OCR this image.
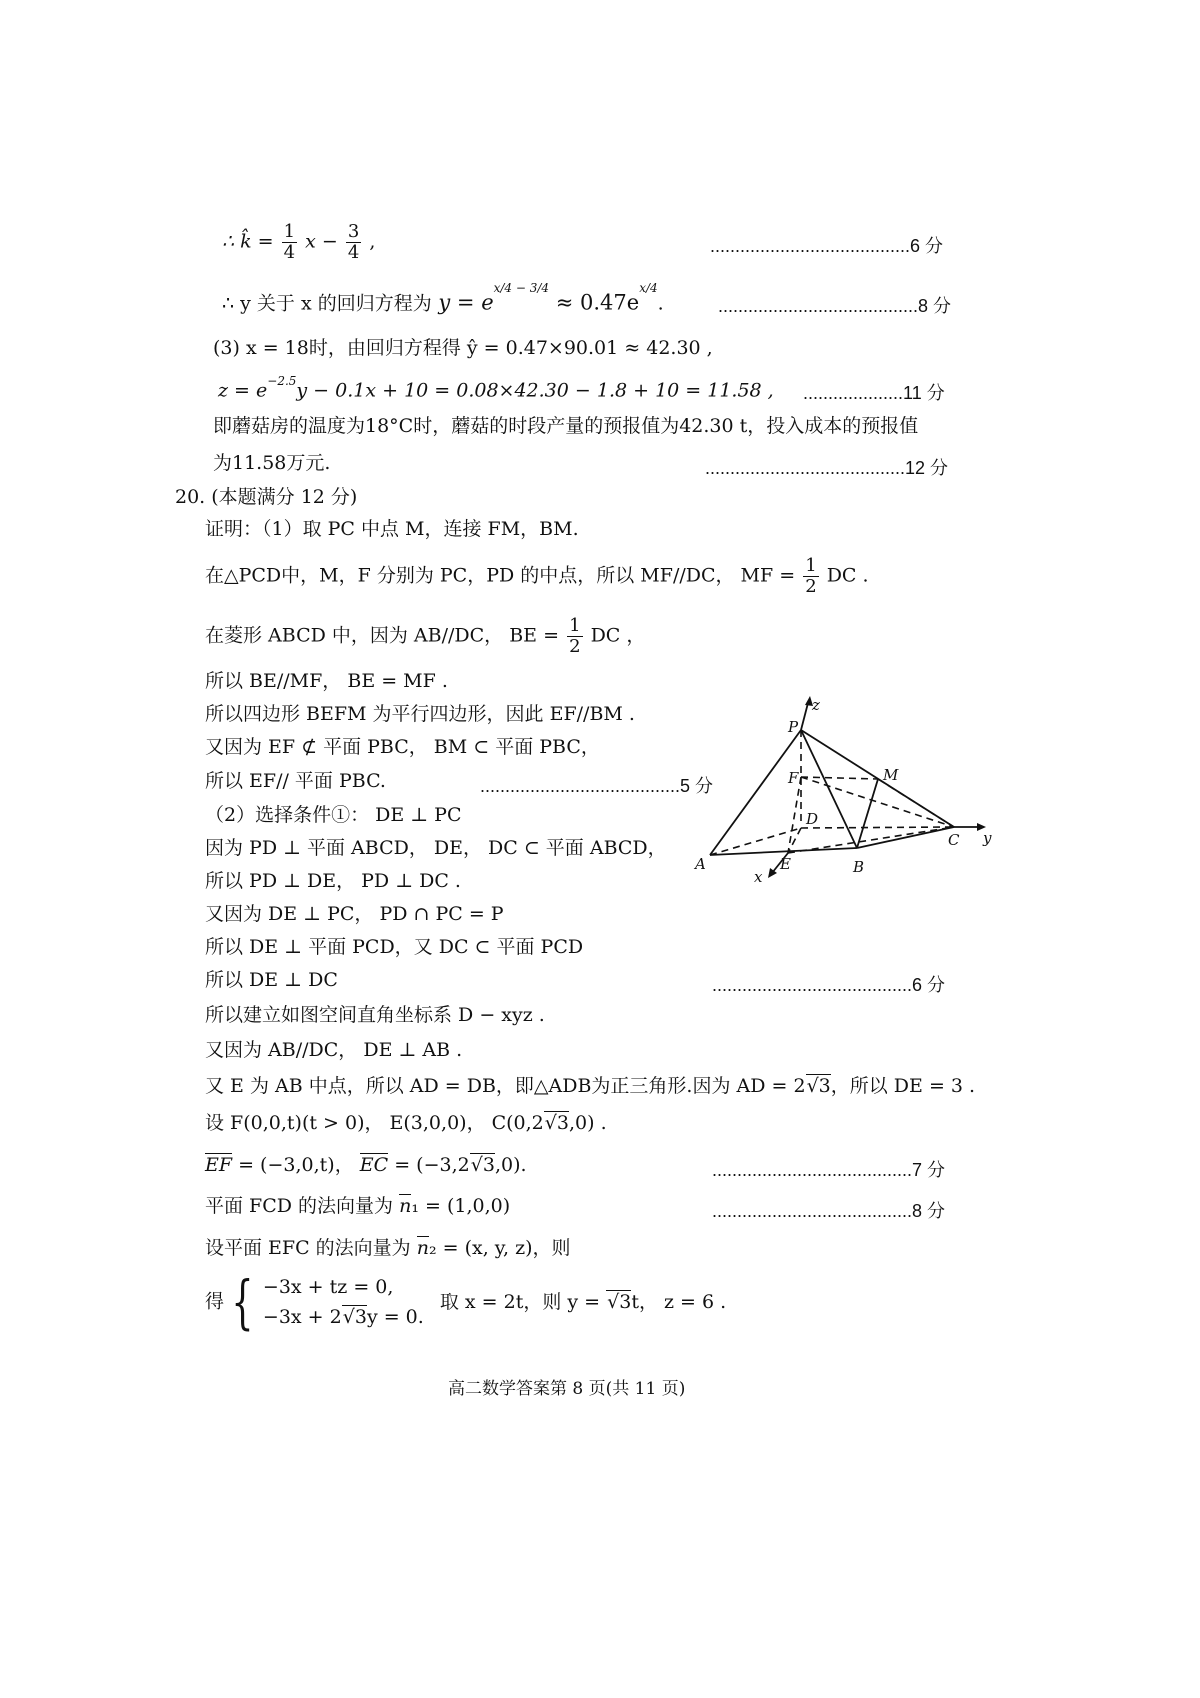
∴ k̂ = $\frac{1}{4}$ $x - \frac{3}{4}$ ,	........................................6 分
∴ y 关于 x 的回归方程为 $y = e^{x/4 - 3/4} \approx 0.47e^{x/4}$.	........................................8 分
(3) x = 18时，由回归方程得 ŷ = 0.47×90.01 ≈ 42.30 ,
$z = e^{-2.5}y - 0.1x + 10 = 0.08\times 42.30 - 1.8 + 10 = 11.58$ , ....................11 分
即蘑菇房的温度为18°C时，蘑菇的时段产量的预报值为42.30 t，投入成本的预报值
为11.58万元.	........................................12 分
20. (本题满分 12 分)
证明：（1）取 PC 中点 M，连接 FM，BM.
在△PCD中，M，F 分别为 PC，PD 的中点，所以 MF//DC， MF = $\frac{1}{2}$ DC .
在菱形 ABCD 中，因为 AB//DC， BE = $\frac{1}{2}$ DC ，
所以 BE//MF， BE = MF .
所以四边形 BEFM 为平行四边形，因此 EF//BM .
又因为 EF ⊄ 平面 PBC， BM ⊂ 平面 PBC，
所以 EF// 平面 PBC.	........................................5 分
（2）选择条件①： DE ⊥ PC
因为 PD ⊥ 平面 ABCD， DE， DC ⊂ 平面 ABCD，
所以 PD ⊥ DE， PD ⊥ DC .
又因为 DE ⊥ PC， PD ∩ PC = P
所以 DE ⊥ 平面 PCD，又 DC ⊂ 平面 PCD
所以 DE ⊥ DC	........................................6 分
所以建立如图空间直角坐标系 D − xyz .
又因为 AB//DC， DE ⊥ AB .
又 E 为 AB 中点，所以 AD = DB，即△ADB为正三角形.因为 AD = 2√3，所以 DE = 3 .
设 F(0,0,t)(t > 0)， E(3,0,0)， C(0,2√3,0) .
EF = (−3,0,t)， EC = (−3,2√3,0).	........................................7 分
平面 FCD 的法向量为 n₁ = (1,0,0)	........................................8 分
设平面 EFC 的法向量为 n₂ = (x, y, z)，则
得 { −3x + tz = 0,
−3x + 2√3y = 0.
取 x = 2t，则 y = √3t， z = 6 .
z
P
F	M
D
C y
A	E	B
x
高二数学答案第 8 页(共 11 页)
